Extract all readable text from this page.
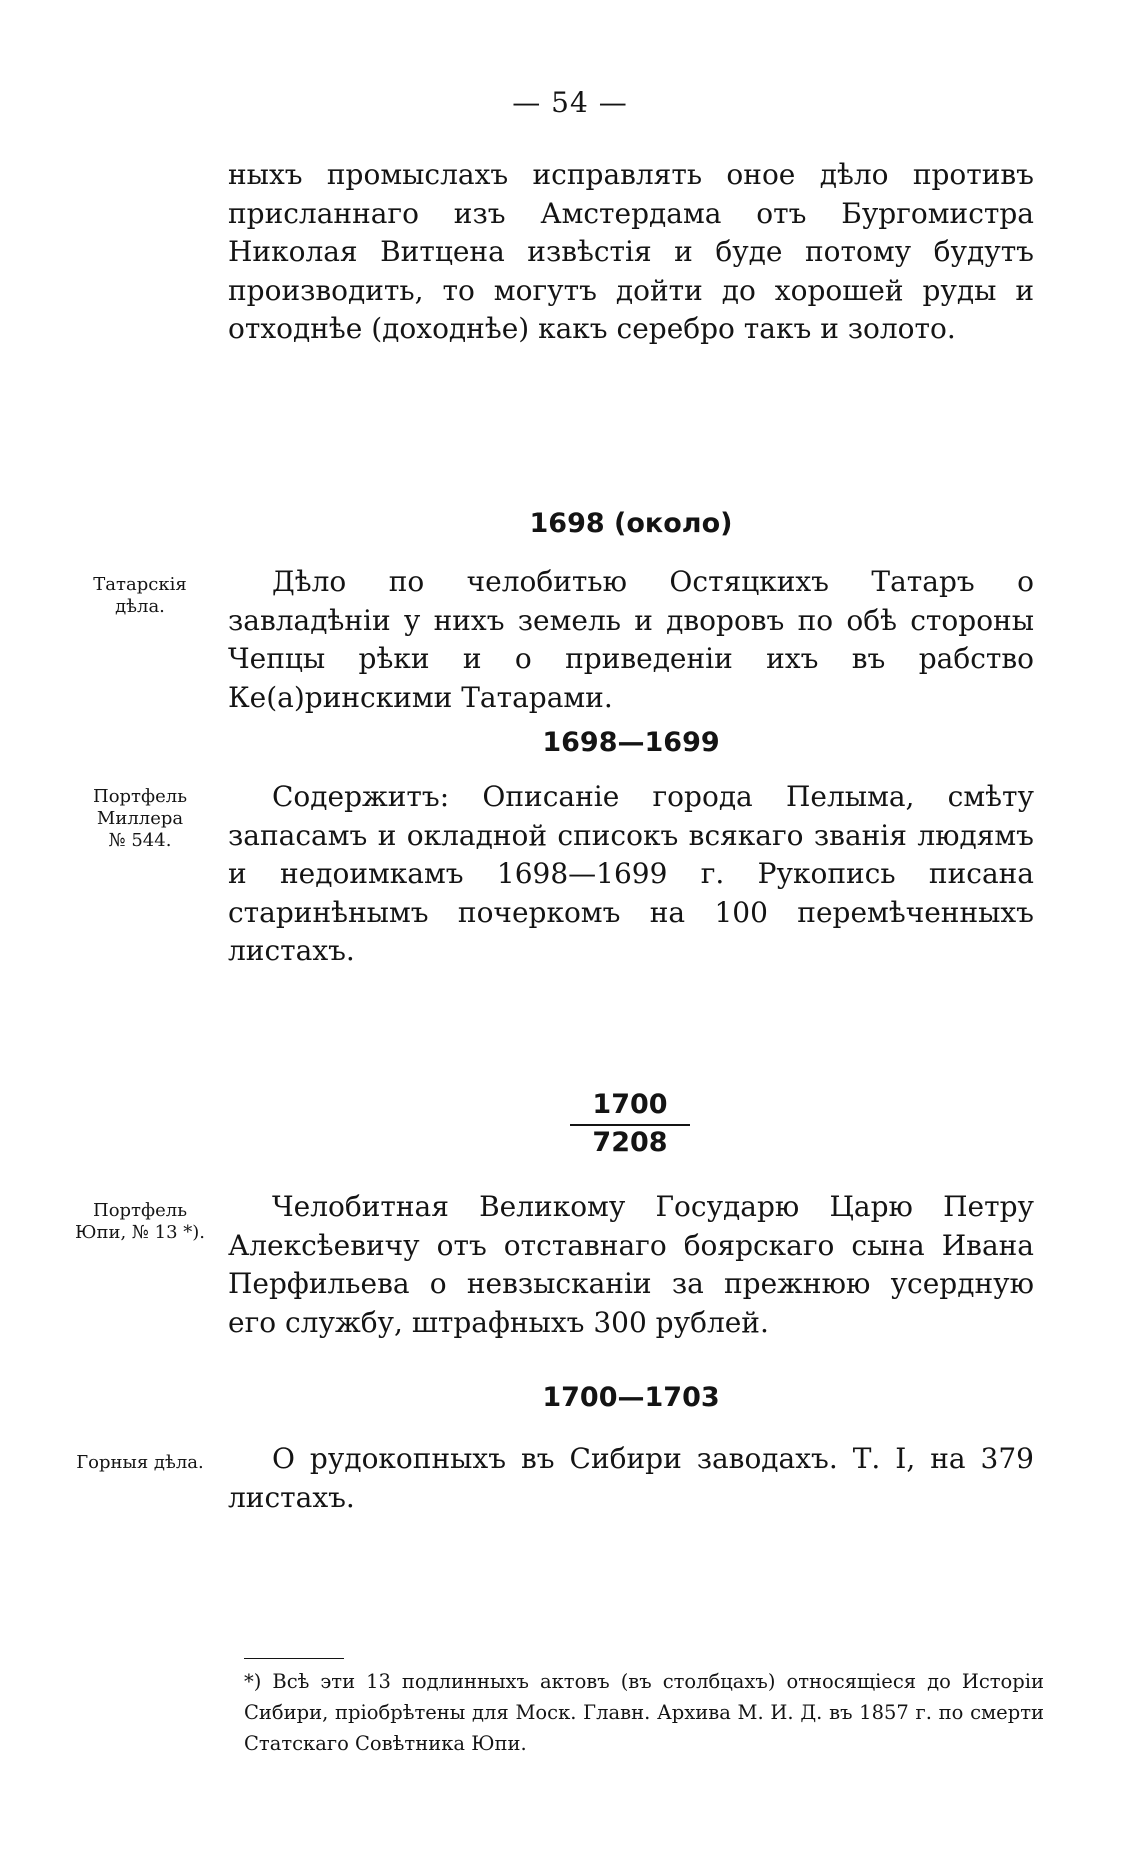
— 54 —
ныхъ промыслахъ исправлять оное дѣло противъ присланнаго изъ Амстердама отъ Бургомистра Николая Витцена извѣстія и буде потому будутъ производить, то могутъ дойти до хорошей руды и отходнѣе (доходнѣе) какъ серебро такъ и золото.
1698 (около)
Татарскія
дѣла.
Дѣло по челобитью Остяцкихъ Татаръ о завладѣніи у нихъ земель и дворовъ по обѣ стороны Чепцы рѣки и о приведеніи ихъ въ рабство Ке(а)ринскими Татарами.
1698—1699
Портфель
Миллера
№ 544.
Содержитъ: Описаніе города Пелыма, смѣту запасамъ и окладной списокъ всякаго званія людямъ и недоимкамъ 1698—1699 г. Рукопись писана старинѣнымъ почеркомъ на 100 перемѣченныхъ листахъ.
$\frac{1700}{7208}$
Портфель
Юпи, № 13 *).
Челобитная Великому Государю Царю Петру Алексѣевичу отъ отставнаго боярскаго сына Ивана Перфильева о невзысканіи за прежнюю усердную его службу, штрафныхъ 300 рублей.
1700—1703
Горныя дѣла.	О рудокопныхъ въ Сибири заводахъ. Т. I, на 379 листахъ.
*) Всѣ эти 13 подлинныхъ актовъ (въ столбцахъ) относящіеся до Исторіи Сибири, пріобрѣтены для Моск. Главн. Архива М. И. Д. въ 1857 г. по смерти Статскаго Совѣтника Юпи.
